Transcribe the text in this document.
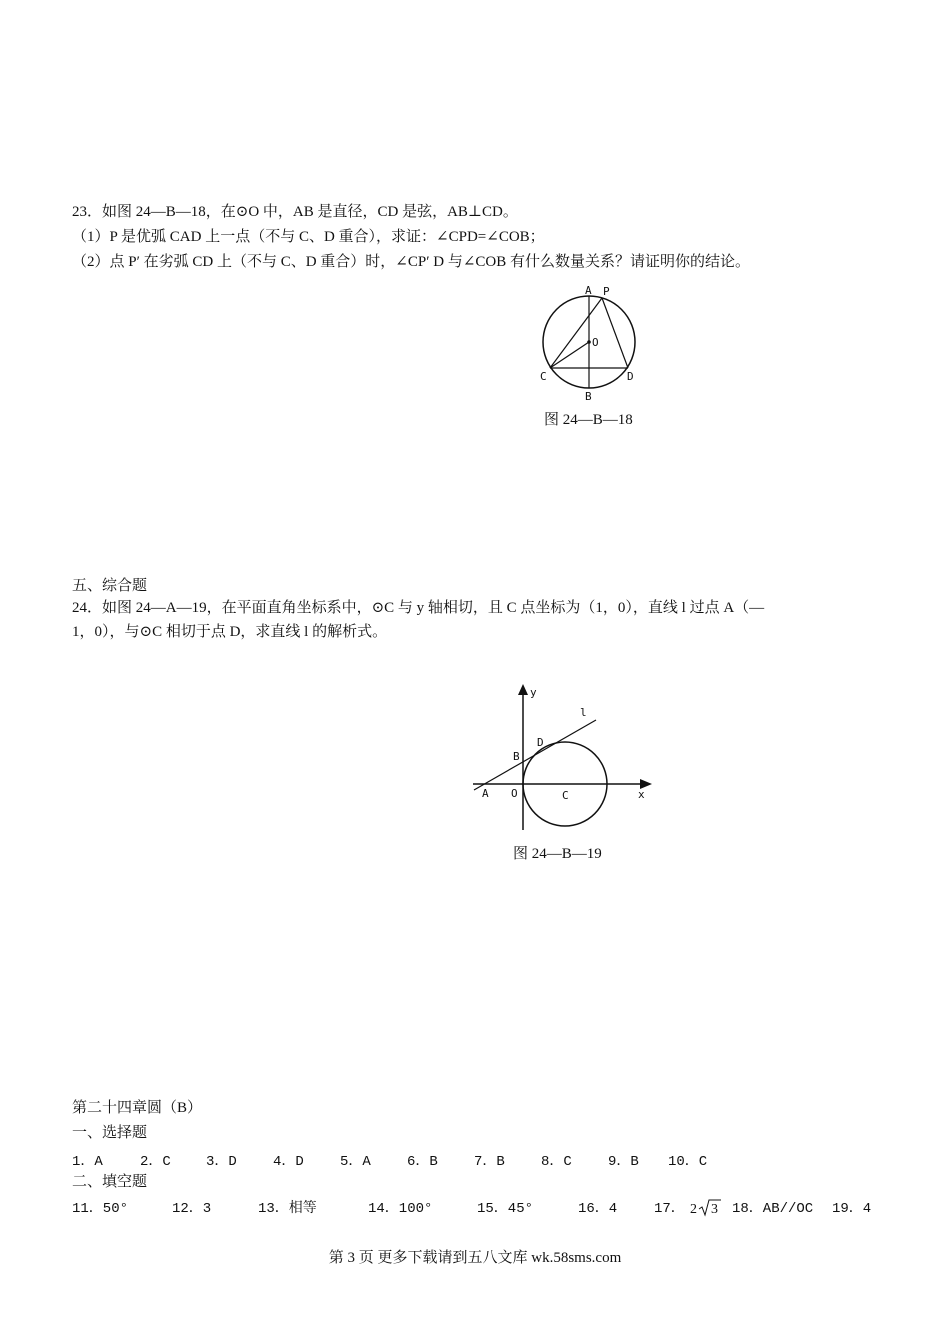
23．如图 24—B—18，在⊙O 中，AB 是直径，CD 是弦，AB⊥CD。
（1）P 是优弧 CAD 上一点（不与 C、D 重合），求证：∠CPD=∠COB；
（2）点 P′ 在劣弧 CD 上（不与 C、D 重合）时，∠CP′ D 与∠COB 有什么数量关系？请证明你的结论。
A P
O
C	D
B
图 24—B—18
五、综合题
24．如图 24—A—19，在平面直角坐标系中，⊙C 与 y 轴相切，且 C 点坐标为（1，0），直线 l 过点 A（—
1，0），与⊙C 相切于点 D，求直线 l 的解析式。
y
l
D
B
A O	C	x
图 24—B—19
第二十四章圆（B）
一、选择题
1．A	2．C	3．D	4．D	5．A	6．B	7．B	8．C	9．B 10．C
二、填空题
11．50°	12．3	13．相等	14．100°	15．45°	16．4	17． 2 3 18．AB//OC 19．4
第 3 页 更多下载请到五八文库 wk.58sms.com
